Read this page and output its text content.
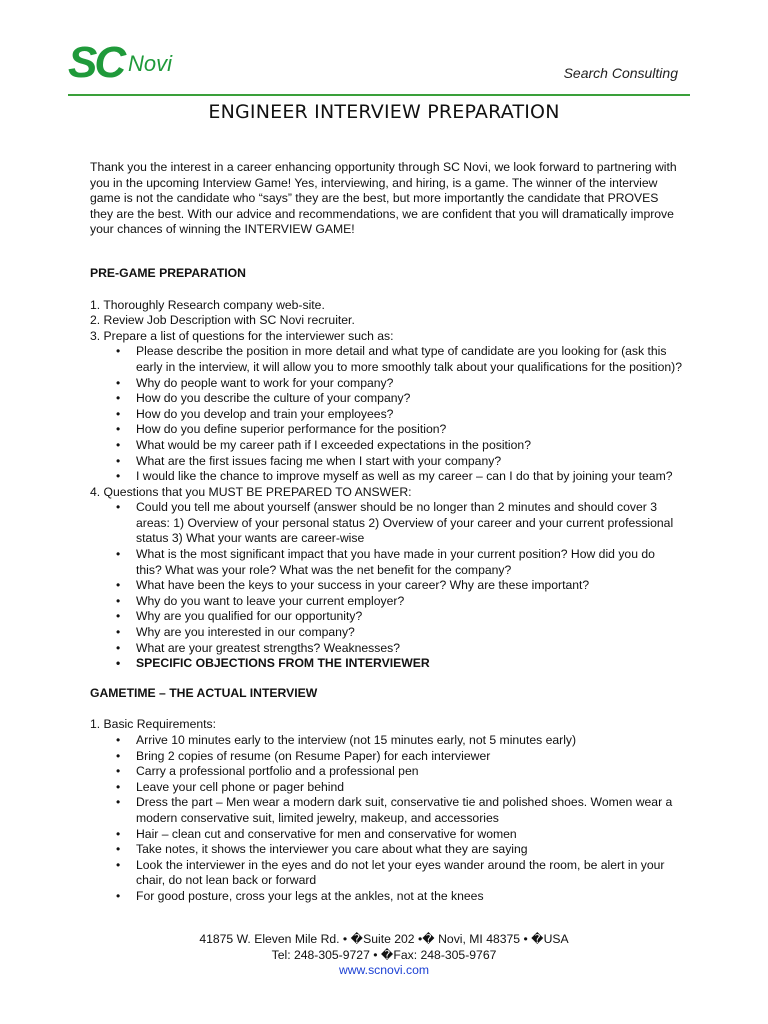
SC Novi	Search Consulting
ENGINEER INTERVIEW PREPARATION

Thank you the interest in a career enhancing opportunity through SC Novi, we look forward to partnering with you in the upcoming Interview Game! Yes, interviewing, and hiring, is a game. The winner of the interview game is not the candidate who “says” they are the best, but more importantly the candidate that PROVES they are the best. With our advice and recommendations, we are confident that you will dramatically improve your chances of winning the INTERVIEW GAME!

PRE-GAME PREPARATION

1. Thoroughly Research company web-site.

2. Review Job Description with SC Novi recruiter.

3. Prepare a list of questions for the interviewer such as:

• Please describe the position in more detail and what type of candidate are you looking for (ask this early in the interview, it will allow you to more smoothly talk about your qualifications for the position)?
• Why do people want to work for your company?
• How do you describe the culture of your company?
• How do you develop and train your employees?
• How do you define superior performance for the position?
• What would be my career path if I exceeded expectations in the position?
• What are the first issues facing me when I start with your company?
• I would like the chance to improve myself as well as my career – can I do that by joining your team?

4. Questions that you MUST BE PREPARED TO ANSWER:

• Could you tell me about yourself (answer should be no longer than 2 minutes and should cover 3 areas: 1) Overview of your personal status 2) Overview of your career and your current professional status 3) What your wants are career-wise
• What is the most significant impact that you have made in your current position? How did you do this? What was your role? What was the net benefit for the company?
• What have been the keys to your success in your career? Why are these important?
• Why do you want to leave your current employer?
• Why are you qualified for our opportunity?
• Why are you interested in our company?
• What are your greatest strengths? Weaknesses?
• SPECIFIC OBJECTIONS FROM THE INTERVIEWER

GAMETIME – THE ACTUAL INTERVIEW

1. Basic Requirements:

• Arrive 10 minutes early to the interview (not 15 minutes early, not 5 minutes early)
• Bring 2 copies of resume (on Resume Paper) for each interviewer
• Carry a professional portfolio and a professional pen
• Leave your cell phone or pager behind
• Dress the part – Men wear a modern dark suit, conservative tie and polished shoes. Women wear a modern conservative suit, limited jewelry, makeup, and accessories
• Hair – clean cut and conservative for men and conservative for women
• Take notes, it shows the interviewer you care about what they are saying
• Look the interviewer in the eyes and do not let your eyes wander around the room, be alert in your chair, do not lean back or forward
• For good posture, cross your legs at the ankles, not at the knees
41875 W. Eleven Mile Rd. • �Suite 202 •� Novi, MI 48375 • �USA
Tel: 248-305-9727 • �Fax: 248-305-9767
www.scnovi.com
